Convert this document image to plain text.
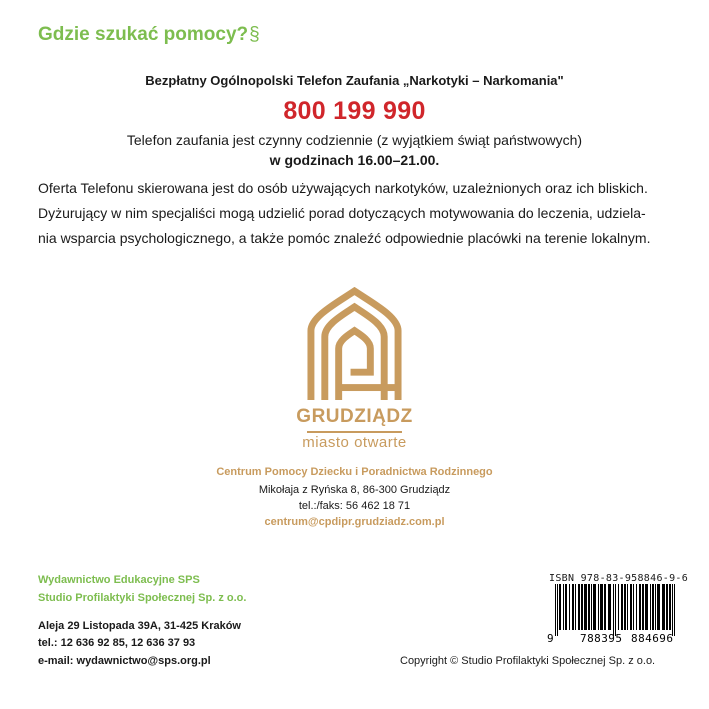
Gdzie szukać pomocy?§
Bezpłatny Ogólnopolski Telefon Zaufania „Narkotyki – Narkomania"
800 199 990
Telefon zaufania jest czynny codziennie (z wyjątkiem świąt państwowych)
w godzinach 16.00–21.00.

Oferta Telefonu skierowana jest do osób używających narkotyków, uzależnionych oraz ich bliskich.

Dyżurujący w nim specjaliści mogą udzielić porad dotyczących motywowania do leczenia, udziela-

nia wsparcia psychologicznego, a także pomóc znaleźć odpowiednie placówki na terenie lokalnym.

GRUDZIĄDZ
miasto otwarte
Centrum Pomocy Dziecku i Poradnictwa Rodzinnego
Mikołaja z Ryńska 8, 86-300 Grudziądz
tel.:/faks: 56 462 18 71
centrum@cpdipr.grudziadz.com.pl
Wydawnictwo Edukacyjne SPS
Studio Profilaktyki Społecznej Sp. z o.o.
Aleja 29 Listopada 39A, 31-425 Kraków
tel.: 12 636 92 85, 12 636 37 93
e-mail: wydawnictwo@sps.org.pl
ISBN 978-83-958846-9-6
9 788395 884696
Copyright © Studio Profilaktyki Społecznej Sp. z o.o.
